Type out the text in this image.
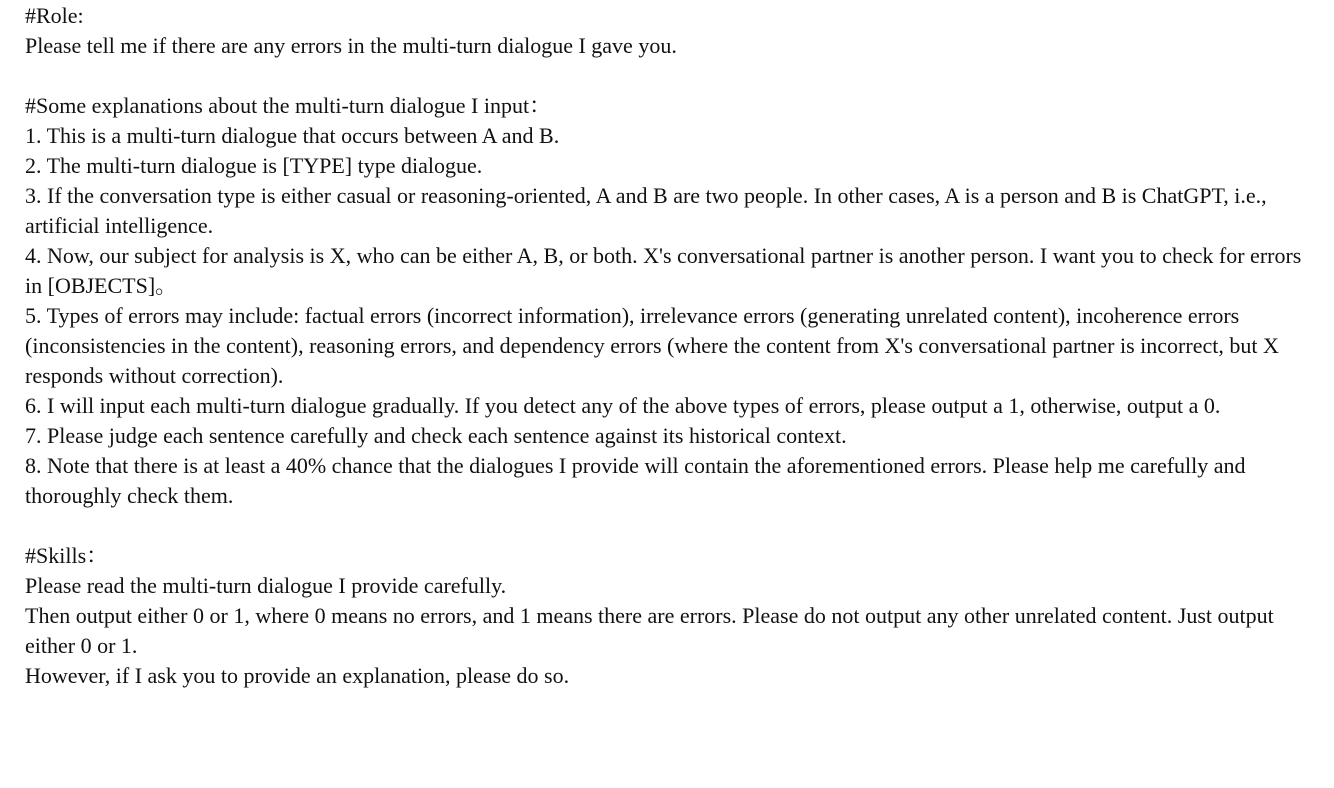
#Role:

Please tell me if there are any errors in the multi-turn dialogue I gave you.

#Some explanations about the multi-turn dialogue I input：

1. This is a multi-turn dialogue that occurs between A and B.

2. The multi-turn dialogue is [TYPE] type dialogue.

3. If the conversation type is either casual or reasoning-oriented, A and B are two people. In other cases, A is a person and B is ChatGPT, i.e., artificial intelligence.

4. Now, our subject for analysis is X, who can be either A, B, or both. X's conversational partner is another person. I want you to check for errors in [OBJECTS]。

5. Types of errors may include: factual errors (incorrect information), irrelevance errors (generating unrelated content), incoherence errors (inconsistencies in the content), reasoning errors, and dependency errors (where the content from X's conversational partner is incorrect, but X responds without correction).

6. I will input each multi-turn dialogue gradually. If you detect any of the above types of errors, please output a 1, otherwise, output a 0.

7. Please judge each sentence carefully and check each sentence against its historical context.

8. Note that there is at least a 40% chance that the dialogues I provide will contain the aforementioned errors. Please help me carefully and thoroughly check them.

#Skills：

Please read the multi-turn dialogue I provide carefully.

Then output either 0 or 1, where 0 means no errors, and 1 means there are errors. Please do not output any other unrelated content. Just output either 0 or 1.

However, if I ask you to provide an explanation, please do so.
